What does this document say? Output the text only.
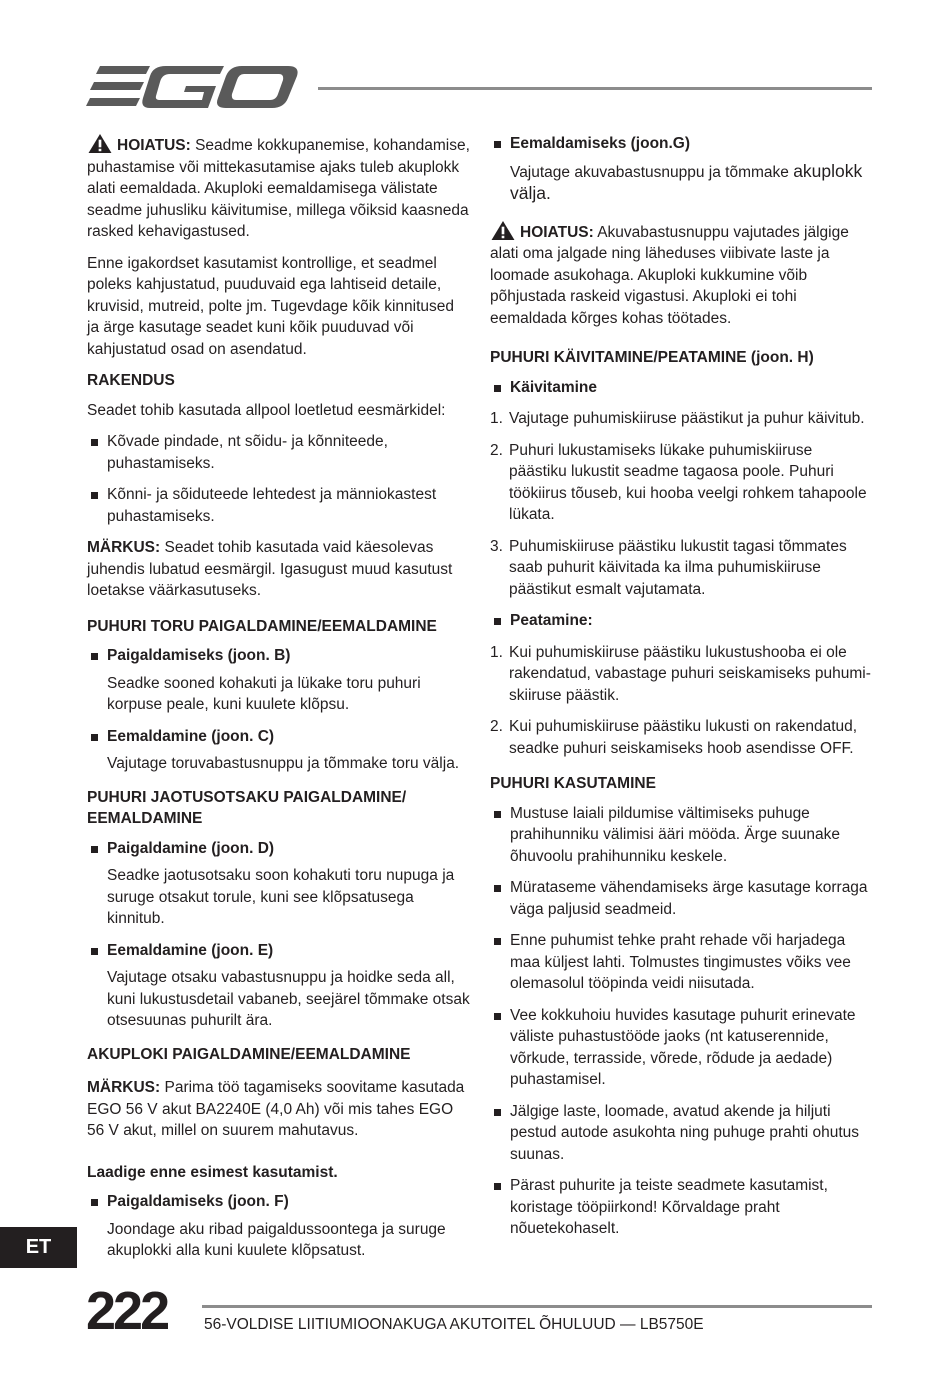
HOIATUS: Seadme kokkupanemise, kohandamise, puhastamise või mittekasutamise ajaks tuleb akuplokk alati eemaldada. Akuploki eemaldamisega välistate seadme juhusliku käivitumise, millega võiksid kaasneda rasked kehavigastused.

Enne igakordset kasutamist kontrollige, et seadmel poleks kahjustatud, puuduvaid ega lahtiseid detaile, kruvisid, mutreid, polte jm. Tugevdage kõik kinnitused ja ärge kasutage seadet kuni kõik puuduvad või kahjustatud osad on asendatud.

RAKENDUS

Seadet tohib kasutada allpool loetletud eesmärkidel:

Kõvade pindade, nt sõidu- ja kõnniteede, puhastamiseks.
Kõnni- ja sõiduteede lehtedest ja männiokastest puhastamiseks.

MÄRKUS: Seadet tohib kasutada vaid käesolevas juhendis lubatud eesmärgil. Igasugust muud kasutust loetakse väärkasutuseks.

PUHURI TORU PAIGALDAMINE/EEMALDAMINE
Paigaldamiseks (joon. B)
Seadke sooned kohakuti ja lükake toru puhuri korpuse peale, kuni kuulete klõpsu.
Eemaldamine (joon. C)
Vajutage toruvabastusnuppu ja tõmmake toru välja.
PUHURI JAOTUSOTSAKU PAIGALDAMINE/
EEMALDAMINE
Paigaldamine (joon. D)
Seadke jaotusotsaku soon kohakuti toru nupuga ja suruge otsakut torule, kuni see klõpsatusega kinnitub.
Eemaldamine (joon. E)
Vajutage otsaku vabastusnuppu ja hoidke seda all, kuni lukustusdetail vabaneb, seejärel tõmmake otsak otsesuunas puhurilt ära.
AKUPLOKI PAIGALDAMINE/EEMALDAMINE

MÄRKUS: Parima töö tagamiseks soovitame kasutada EGO 56 V akut BA2240E (4,0 Ah) või mis tahes EGO 56 V akut, millel on suurem mahutavus.

Laadige enne esimest kasutamist.
Paigaldamiseks (joon. F)
Joondage aku ribad paigaldussoontega ja suruge akuplokki alla kuni kuulete klõpsatust.
Eemaldamiseks (joon.G)
Vajutage akuvabastusnuppu ja tõmmake akuplokk välja.

HOIATUS: Akuvabastusnuppu vajutades jälgige alati oma jalgade ning läheduses viibivate laste ja loomade asukohaga. Akuploki kukkumine võib põhjustada raskeid vigastusi. Akuploki ei tohi eemaldada kõrges kohas töötades.

PUHURI KÄIVITAMINE/PEATAMINE (joon. H)
Käivitamine
1. Vajutage puhumiskiiruse päästikut ja puhur käivitub.
2. Puhuri lukustamiseks lükake puhumiskiiruse päästiku lukustit seadme tagaosa poole. Puhuri töökiirus tõuseb, kui hooba veelgi rohkem tahapoole lükata.
3. Puhumiskiiruse päästiku lukustit tagasi tõmmates saab puhurit käivitada ka ilma puhumiskiiruse päästikut esmalt vajutamata.
Peatamine:
1. Kui puhumiskiiruse päästiku lukustushooba ei ole rakendatud, vabastage puhuri seiskamiseks puhumi-skiiruse päästik.
2. Kui puhumiskiiruse päästiku lukusti on rakendatud, seadke puhuri seiskamiseks hoob asendisse OFF.
PUHURI KASUTAMINE
Mustuse laiali pildumise vältimiseks puhuge prahihunniku välimisi ääri mööda. Ärge suunake õhuvoolu prahihunniku keskele.
Mürataseme vähendamiseks ärge kasutage korraga väga paljusid seadmeid.
Enne puhumist tehke praht rehade või harjadega maa küljest lahti. Tolmustes tingimustes võiks vee olemasolul tööpinda veidi niisutada.
Vee kokkuhoiu huvides kasutage puhurit erinevate väliste puhastustööde jaoks (nt katuserennide, võrkude, terrasside, võrede, rõdude ja aedade) puhastamisel.
Jälgige laste, loomade, avatud akende ja hiljuti pestud autode asukohta ning puhuge prahti ohutus suunas.
Pärast puhurite ja teiste seadmete kasutamist, koristage tööpiirkond! Kõrvaldage praht nõuetekohaselt.
ET
222 56-VOLDISE LIITIUMIOONAKUGA AKUTOITEL ÕHULUUD — LB5750E
